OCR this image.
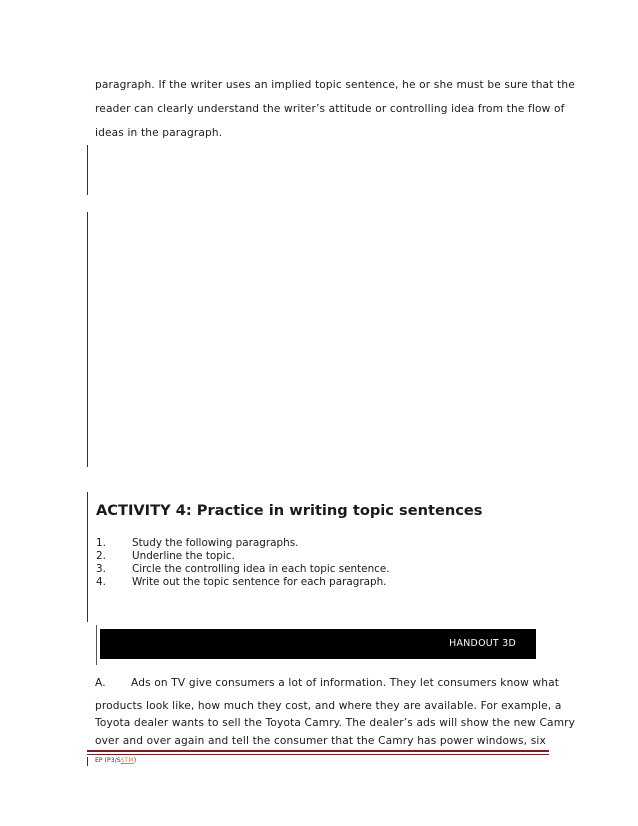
paragraph. If the writer uses an implied topic sentence, he or she must be sure that the
reader can clearly understand the writer’s attitude or controlling idea from the flow of
ideas in the paragraph.
ACTIVITY 4: Practice in writing topic sentences
1.	Study the following paragraphs.
2.	Underline the topic.
3.	Circle the controlling idea in each topic sentence.
4.	Write out the topic sentence for each paragraph.
HANDOUT 3D
A. Ads on TV give consumers a lot of information. They let consumers know what
products look like, how much they cost, and where they are available. For example, a
Toyota dealer wants to sell the Toyota Camry. The dealer’s ads will show the new Camry
over and over again and tell the consumer that the Camry has power windows, six
EP (P3/SSTM)
